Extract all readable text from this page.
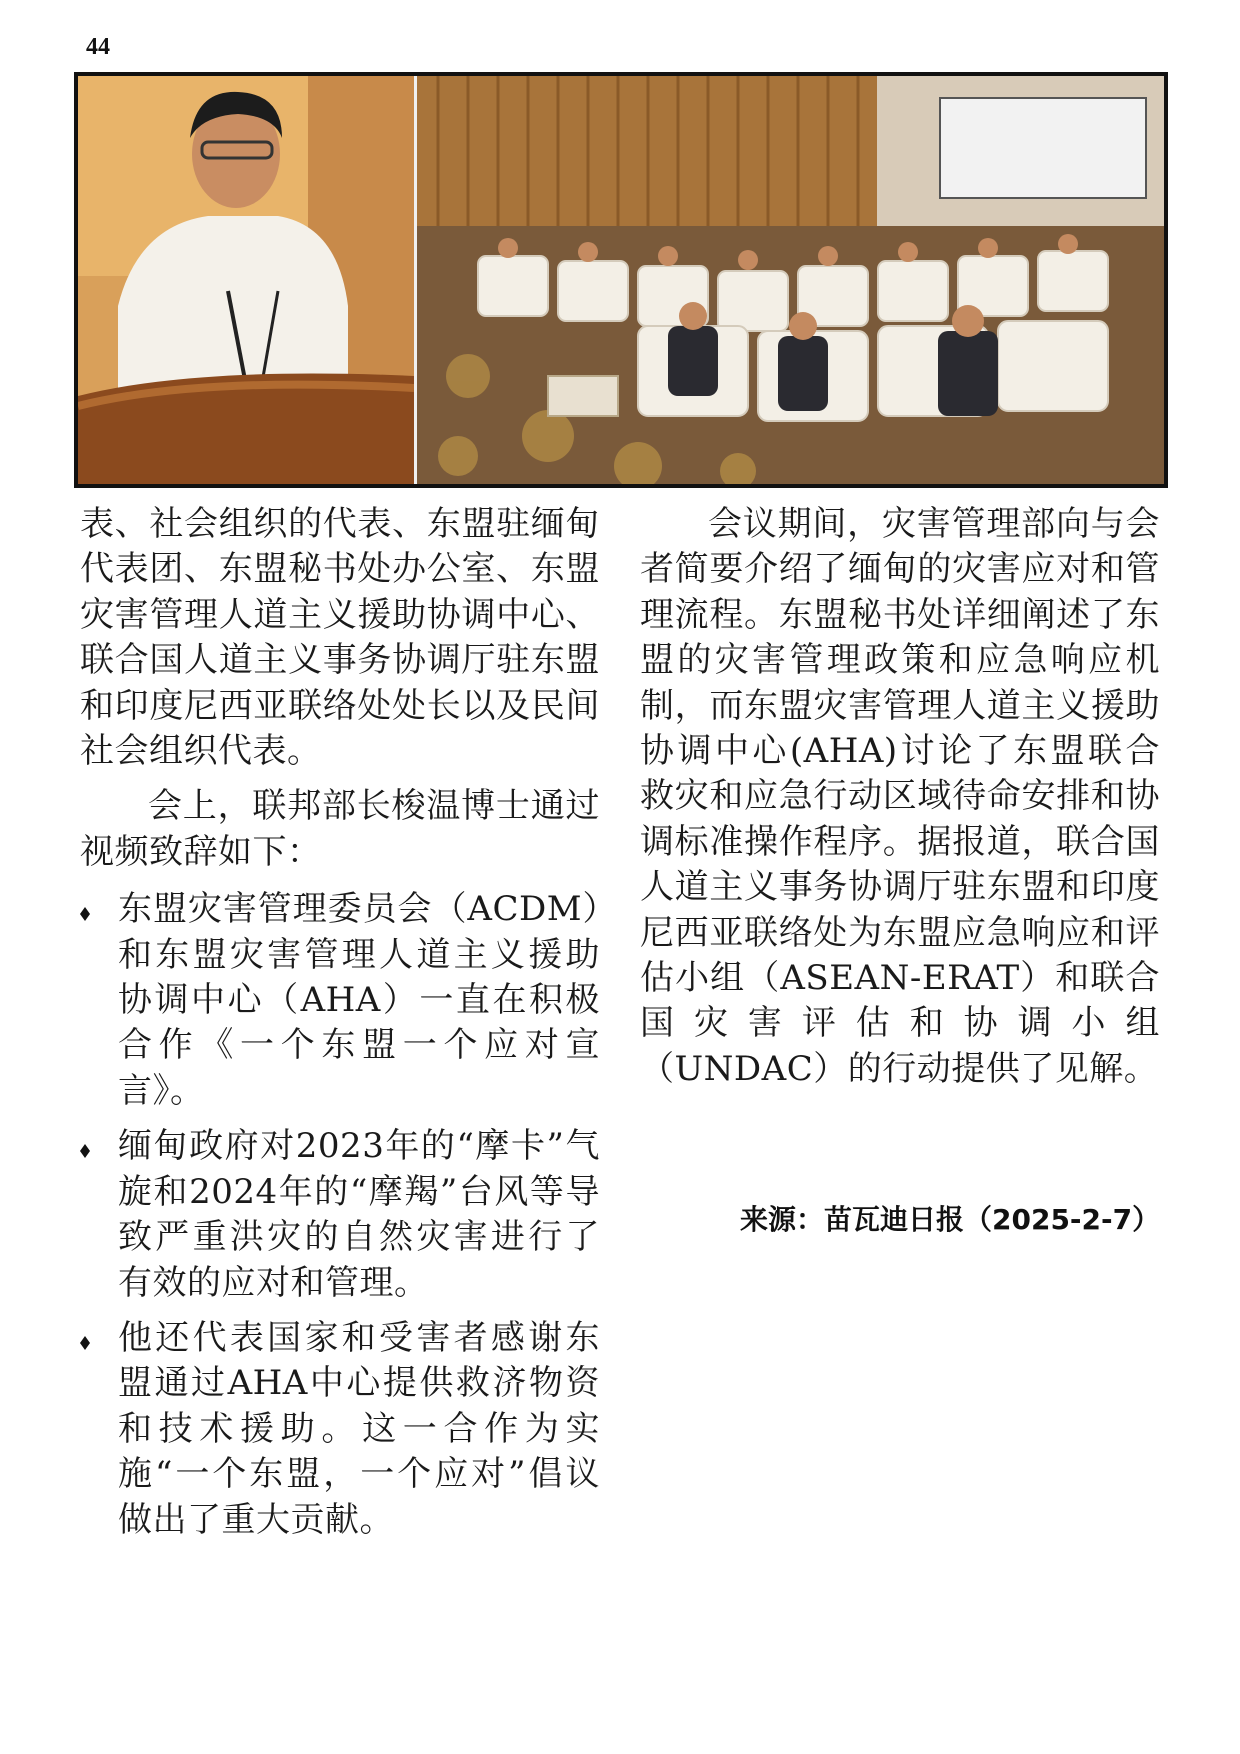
44

表、社会组织的代表、东盟驻缅甸代表团、东盟秘书处办公室、东盟灾害管理人道主义援助协调中心、联合国人道主义事务协调厅驻东盟和印度尼西亚联络处处长以及民间社会组织代表。

会上，联邦部长梭温博士通过视频致辞如下：

东盟灾害管理委员会（ACDM）和东盟灾害管理人道主义援助协调中心（AHA）一直在积极合作《一个东盟一个应对宣言》。
缅甸政府对2023年的“摩卡”气旋和2024年的“摩羯”台风等导致严重洪灾的自然灾害进行了有效的应对和管理。
他还代表国家和受害者感谢东盟通过AHA中心提供救济物资和技术援助。这一合作为实施“一个东盟，一个应对”倡议做出了重大贡献。

会议期间，灾害管理部向与会者简要介绍了缅甸的灾害应对和管理流程。东盟秘书处详细阐述了东盟的灾害管理政策和应急响应机制，而东盟灾害管理人道主义援助协调中心(AHA)讨论了东盟联合救灾和应急行动区域待命安排和协调标准操作程序。据报道，联合国人道主义事务协调厅驻东盟和印度尼西亚联络处为东盟应急响应和评估小组（ASEAN-ERAT）和联合国灾害评估和协调小组（UNDAC）的行动提供了见解。

来源：苗瓦迪日报（2025-2-7）
